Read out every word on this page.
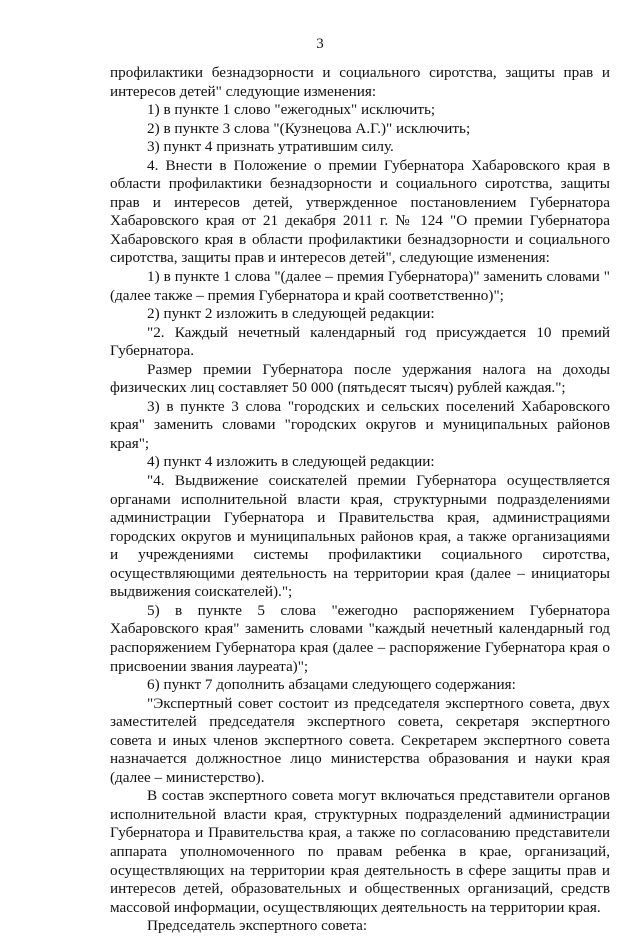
3

профилактики безнадзорности и социального сиротства, защиты прав и интересов детей" следующие изменения:

1) в пункте 1 слово "ежегодных" исключить;

2) в пункте 3 слова "(Кузнецова А.Г.)" исключить;

3) пункт 4 признать утратившим силу.

4. Внести в Положение о премии Губернатора Хабаровского края в области профилактики безнадзорности и социального сиротства, защиты прав и интересов детей, утвержденное постановлением Губернатора Хабаровского края от 21 декабря 2011 г. № 124 "О премии Губернатора Хабаровского края в области профилактики безнадзорности и социального сиротства, защиты прав и интересов детей", следующие изменения:

1) в пункте 1 слова "(далее – премия Губернатора)" заменить словами "(далее также – премия Губернатора и край соответственно)";

2) пункт 2 изложить в следующей редакции:

"2. Каждый нечетный календарный год присуждается 10 премий Губернатора.

Размер премии Губернатора после удержания налога на доходы физических лиц составляет 50 000 (пятьдесят тысяч) рублей каждая.";

3) в пункте 3 слова "городских и сельских поселений Хабаровского края" заменить словами "городских округов и муниципальных районов края";

4) пункт 4 изложить в следующей редакции:

"4. Выдвижение соискателей премии Губернатора осуществляется органами исполнительной власти края, структурными подразделениями администрации Губернатора и Правительства края, администрациями городских округов и муниципальных районов края, а также организациями и учреждениями системы профилактики социального сиротства, осуществляющими деятельность на территории края (далее – инициаторы выдвижения соискателей).";

5) в пункте 5 слова "ежегодно распоряжением Губернатора Хабаровского края" заменить словами "каждый нечетный календарный год распоряжением Губернатора края (далее – распоряжение Губернатора края о присвоении звания лауреата)";

6) пункт 7 дополнить абзацами следующего содержания:

"Экспертный совет состоит из председателя экспертного совета, двух заместителей председателя экспертного совета, секретаря экспертного совета и иных членов экспертного совета. Секретарем экспертного совета назначается должностное лицо министерства образования и науки края (далее – министерство).

В состав экспертного совета могут включаться представители органов исполнительной власти края, структурных подразделений администрации Губернатора и Правительства края, а также по согласованию представители аппарата уполномоченного по правам ребенка в крае, организаций, осуществляющих на территории края деятельность в сфере защиты прав и интересов детей, образовательных и общественных организаций, средств массовой информации, осуществляющих деятельность на территории края.

Председатель экспертного совета:
